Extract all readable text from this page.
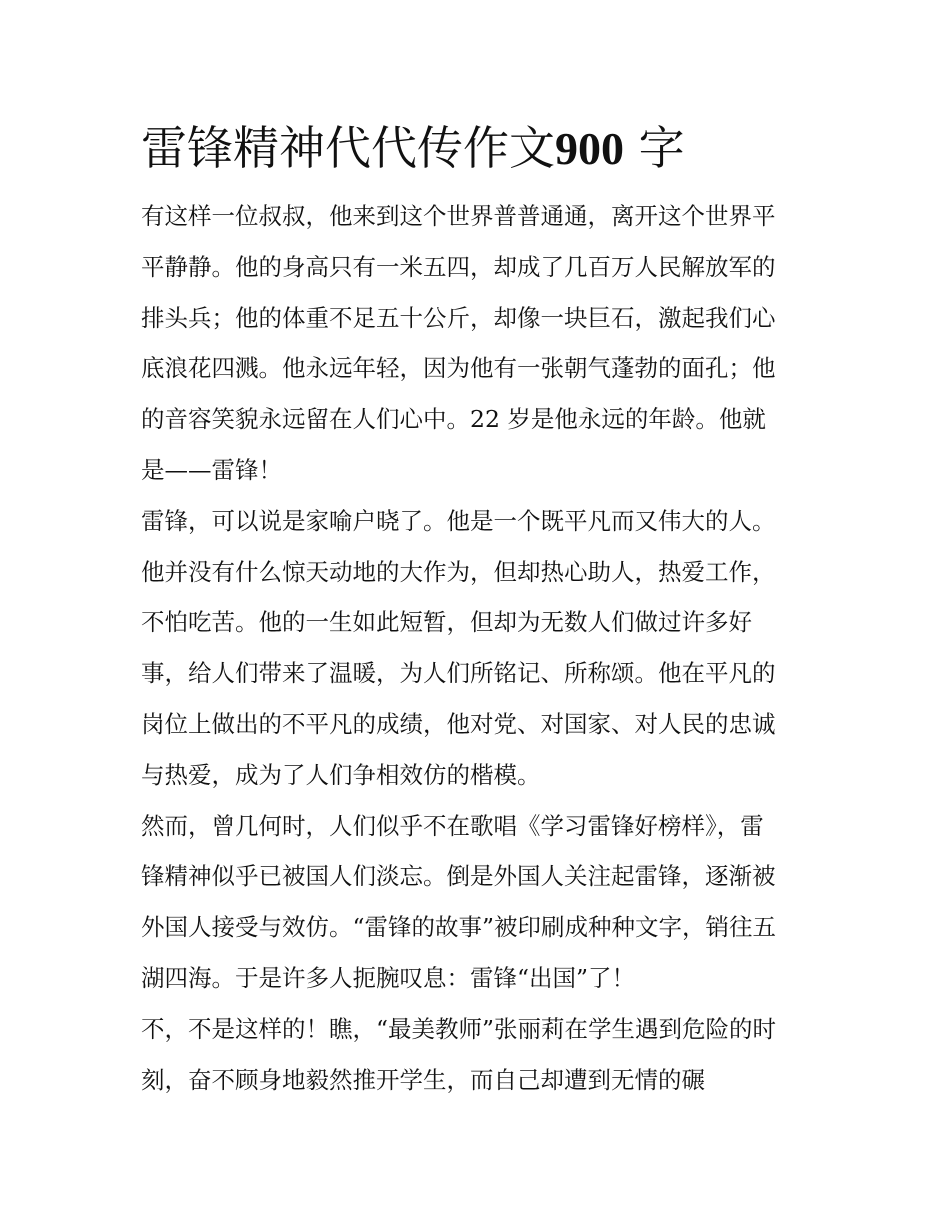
雷锋精神代代传作文900 字

有这样一位叔叔，他来到这个世界普普通通，离开这个世界平
平静静。他的身高只有一米五四，却成了几百万人民解放军的
排头兵；他的体重不足五十公斤，却像一块巨石，激起我们心
底浪花四溅。他永远年轻，因为他有一张朝气蓬勃的面孔；他
的音容笑貌永远留在人们心中。22 岁是他永远的年龄。他就
是——雷锋！

雷锋，可以说是家喻户晓了。他是一个既平凡而又伟大的人。
他并没有什么惊天动地的大作为，但却热心助人，热爱工作，
不怕吃苦。他的一生如此短暂，但却为无数人们做过许多好
事，给人们带来了温暖，为人们所铭记、所称颂。他在平凡的
岗位上做出的不平凡的成绩，他对党、对国家、对人民的忠诚
与热爱，成为了人们争相效仿的楷模。

然而，曾几何时，人们似乎不在歌唱《学习雷锋好榜样》，雷
锋精神似乎已被国人们淡忘。倒是外国人关注起雷锋，逐渐被
外国人接受与效仿。“雷锋的故事”被印刷成种种文字，销往五
湖四海。于是许多人扼腕叹息：雷锋“出国”了！

不，不是这样的！瞧，“最美教师”张丽莉在学生遇到危险的时
刻，奋不顾身地毅然推开学生，而自己却遭到无情的碾
